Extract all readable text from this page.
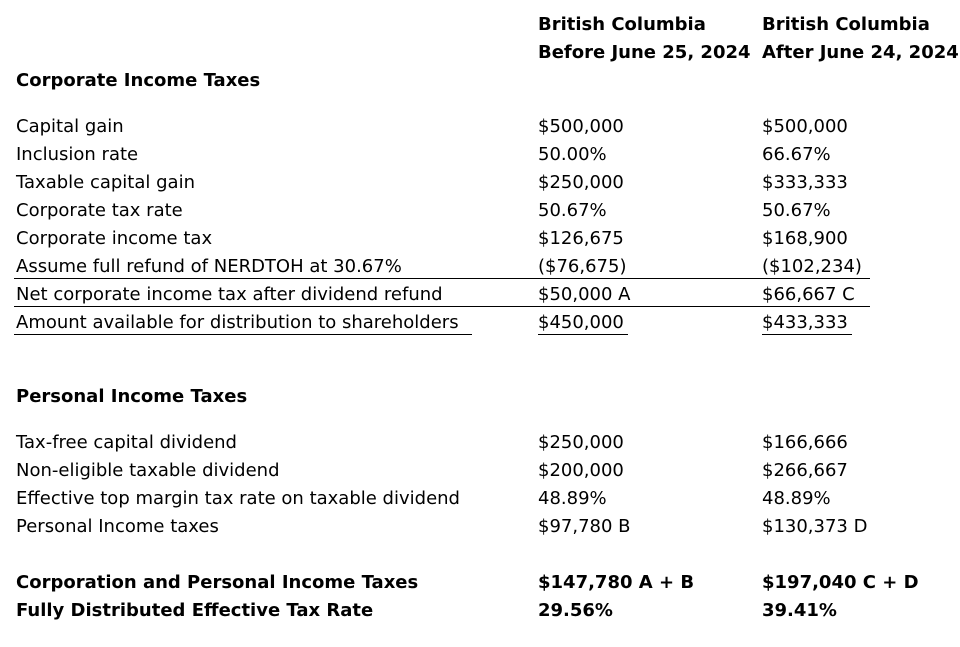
British Columbia
Before June 25, 2024
British Columbia
After June 24, 2024
Corporate Income Taxes
Capital gain	$500,000	$500,000
Inclusion rate	50.00%	66.67%
Taxable capital gain	$250,000	$333,333
Corporate tax rate	50.67%	50.67%
Corporate income tax	$126,675	$168,900
Assume full refund of NERDTOH at 30.67%	($76,675)	($102,234)
Net corporate income tax after dividend refund	$50,000 A	$66,667 C
Amount available for distribution to shareholders	$450,000	$433,333
Personal Income Taxes
Tax-free capital dividend	$250,000	$166,666
Non-eligible taxable dividend	$200,000	$266,667
Effective top margin tax rate on taxable dividend	48.89%	48.89%
Personal Income taxes	$97,780 B	$130,373 D
Corporation and Personal Income Taxes	$147,780 A + B	$197,040 C + D
Fully Distributed Effective Tax Rate	29.56%	39.41%
